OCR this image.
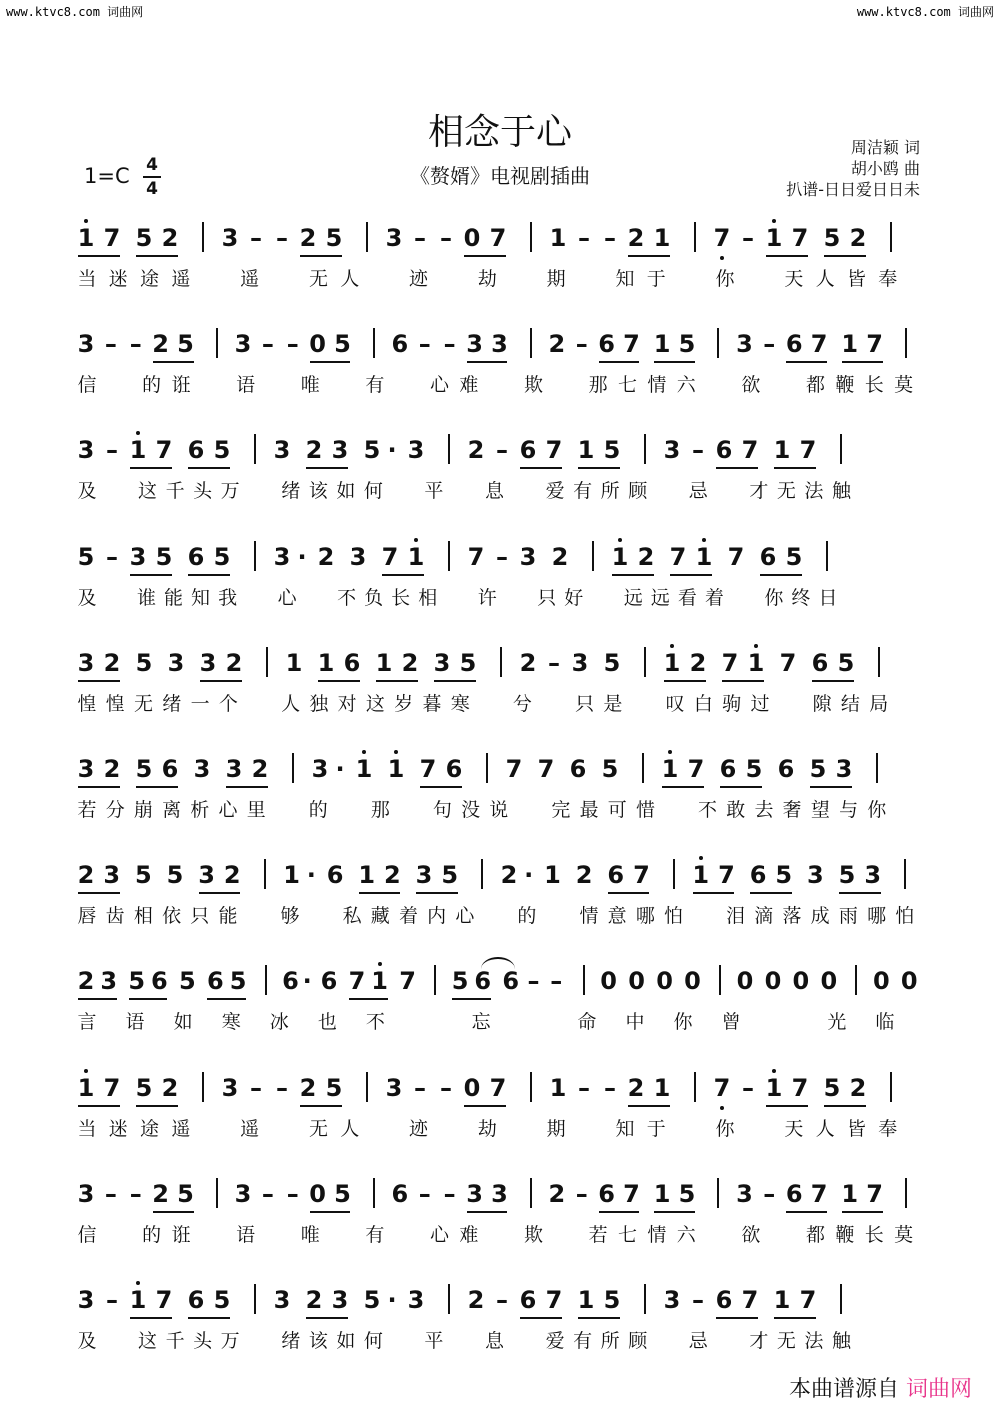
www.ktvc8.com 词曲网	www.ktvc8.com 词曲网
相念于心
《赘婿》电视剧插曲
1=C 4
4
周洁颖 词
胡小鸥 曲
扒谱-日日爱日日未
1 7 5 2 3 – – 2 5 3 – – 0 7 1 – – 2 1 7 – 1 7 5 2
当 迷 途 遥	遥	无 人	迹	劫	期	知 于	你	天 人 皆 奉
3 – – 2 5 3 – – 0 5 6 – – 3 3 2 – 6 7 1 5 3 – 6 7 1 7
信 的 诳 语 唯 有 心 难 欺 那 七 情 六 欲 都 鞭 长 莫
3 – 1 7 6 5 3 2 3 5 · 3 2 – 6 7 1 5 3 – 6 7 1 7
及 这 千 头 万 绪 该 如 何 平 息 爱 有 所 顾 忌 才 无 法 触
5 – 3 5 6 5 3 · 2 3 7 1 7 – 3 2 1 2 7 1 7 6 5
及 谁 能 知 我 心 不 负 长 相 许 只 好 远 远 看 着 你 终 日
3 2 5 3 3 2 1 1 6 1 2 3 5 2 – 3 5 1 2 7 1 7 6 5
惶 惶 无 绪 一 个 人 独 对 这 岁 暮 寒 兮 只 是 叹 白 驹 过 隙 结 局
3 2 5 6 3 3 2 3 · 1 1 7 6 7 7 6 5 1 7 6 5 6 5 3
若 分 崩 离 析 心 里 的 那 句 没 说 完 最 可 惜 不 敢 去 奢 望 与 你
2 3 5 5 3 2 1 · 6 1 2 3 5 2 · 1 2 6 7 1 7 6 5 3 5 3
唇 齿 相 依 只 能 够 私 藏 着 内 心 的 情 意 哪 怕 泪 滴 落 成 雨 哪 怕
2 3 5 6 5 6 5 6 · 6 7 1 7 5 6 6 – – 0 0 0 0 0 0 0 0 0 0
言 语 如 寒 冰 也 不	忘	命 中 你 曾	光 临
1 7 5 2 3 – – 2 5 3 – – 0 7 1 – – 2 1 7 – 1 7 5 2
当 迷 途 遥	遥	无 人	迹	劫	期	知 于	你	天 人 皆 奉
3 – – 2 5 3 – – 0 5 6 – – 3 3 2 – 6 7 1 5 3 – 6 7 1 7
信 的 诳 语 唯 有 心 难 欺 若 七 情 六 欲 都 鞭 长 莫
3 – 1 7 6 5 3 2 3 5 · 3 2 – 6 7 1 5 3 – 6 7 1 7
及 这 千 头 万 绪 该 如 何 平 息 爱 有 所 顾 忌 才 无 法 触
本曲谱源自 词曲网
